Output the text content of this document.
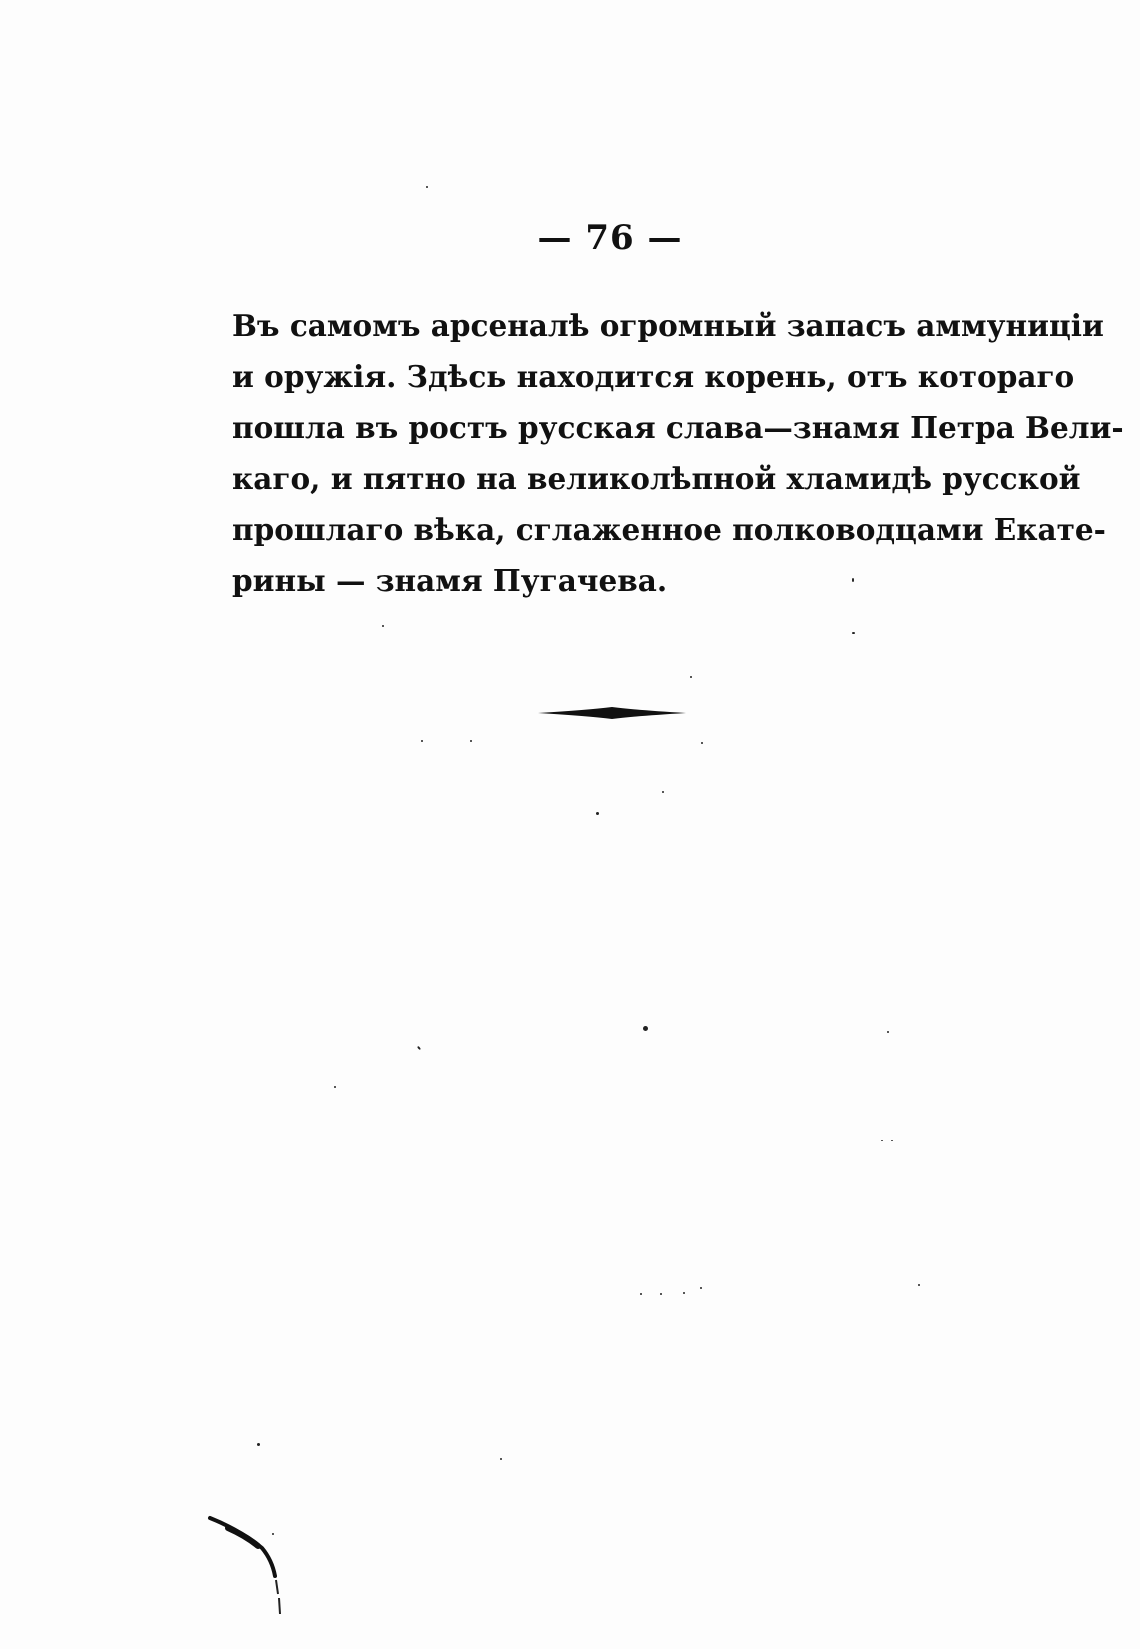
— 76 —
Въ самомъ арсеналѣ огромный запасъ аммуниціи
и оружія. Здѣсь находится корень, отъ котораго
пошла въ ростъ русская слава—знамя Петра Вели-
каго, и пятно на великолѣпной хламидѣ русской
прошлаго вѣка, сглаженное полководцами Екате-
рины — знамя Пугачева.
